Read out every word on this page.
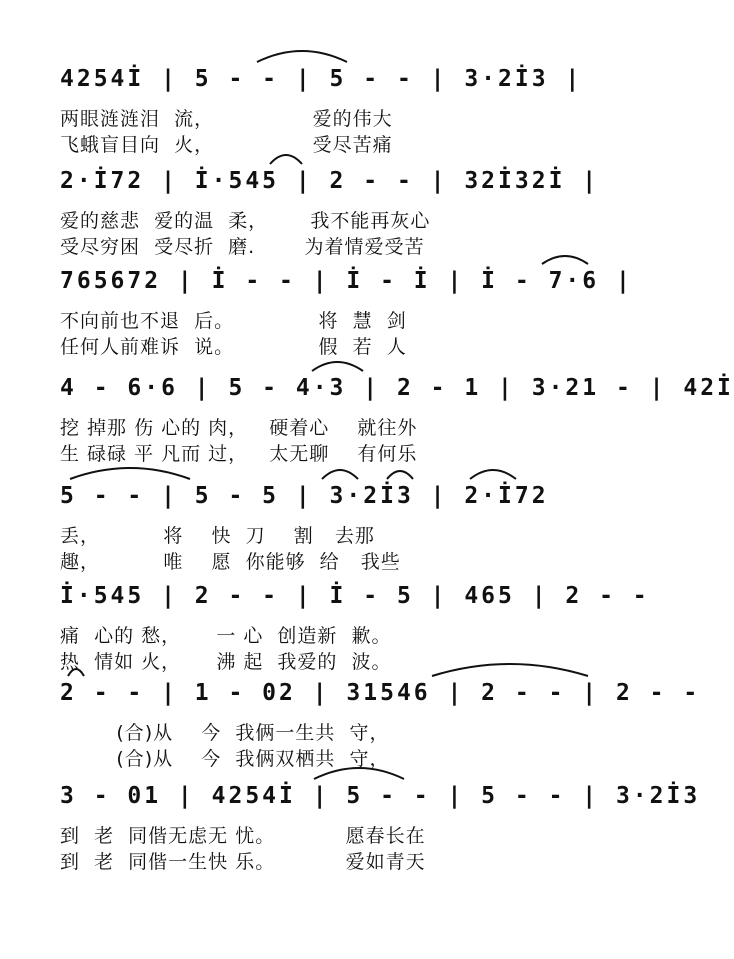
4254İ | 5 - - | 5 - - | 3·2İ3 |
两眼涟涟泪  流，              爱的伟大
飞蛾盲目向  火，              受尽苦痛
2·İ72 | İ·545 | 2 - - | 32İ32İ |
爱的慈悲  爱的温  柔，      我不能再灰心
受尽穷困  受尽折  磨.       为着情爱受苦
765672 | İ - - | İ - İ | İ - 7·6 |
不向前也不退  后。            将  慧  剑
任何人前难诉  说。            假  若  人
4 - 6·6 | 5 - 4·3 | 2 - 1 | 3·21 - | 42İ
挖 掉那 伤 心的 肉，   硬着心    就往外
生 碌碌 平 凡而 过，   太无聊    有何乐
5 - - | 5 - 5 | 3·2İ3 | 2·İ72
丢，         将    快  刀    割   去那
趣，         唯    愿  你能够  给   我些
İ·545 | 2 - - | İ - 5 | 465 | 2 - -
痛  心的 愁，     一 心  创造新  歉。
热  情如 火，     沸 起  我爱的  波。
2 - - | 1 - 02 | 31546 | 2 - - | 2 - -
(合)从    今  我俩一生共  守，
(合)从    今  我俩双栖共  守，
3 - 01 | 4254İ | 5 - - | 5 - - | 3·2İ3
到  老  同偕无虑无 忧。          愿春长在
到  老  同偕一生快 乐。          爱如青天
